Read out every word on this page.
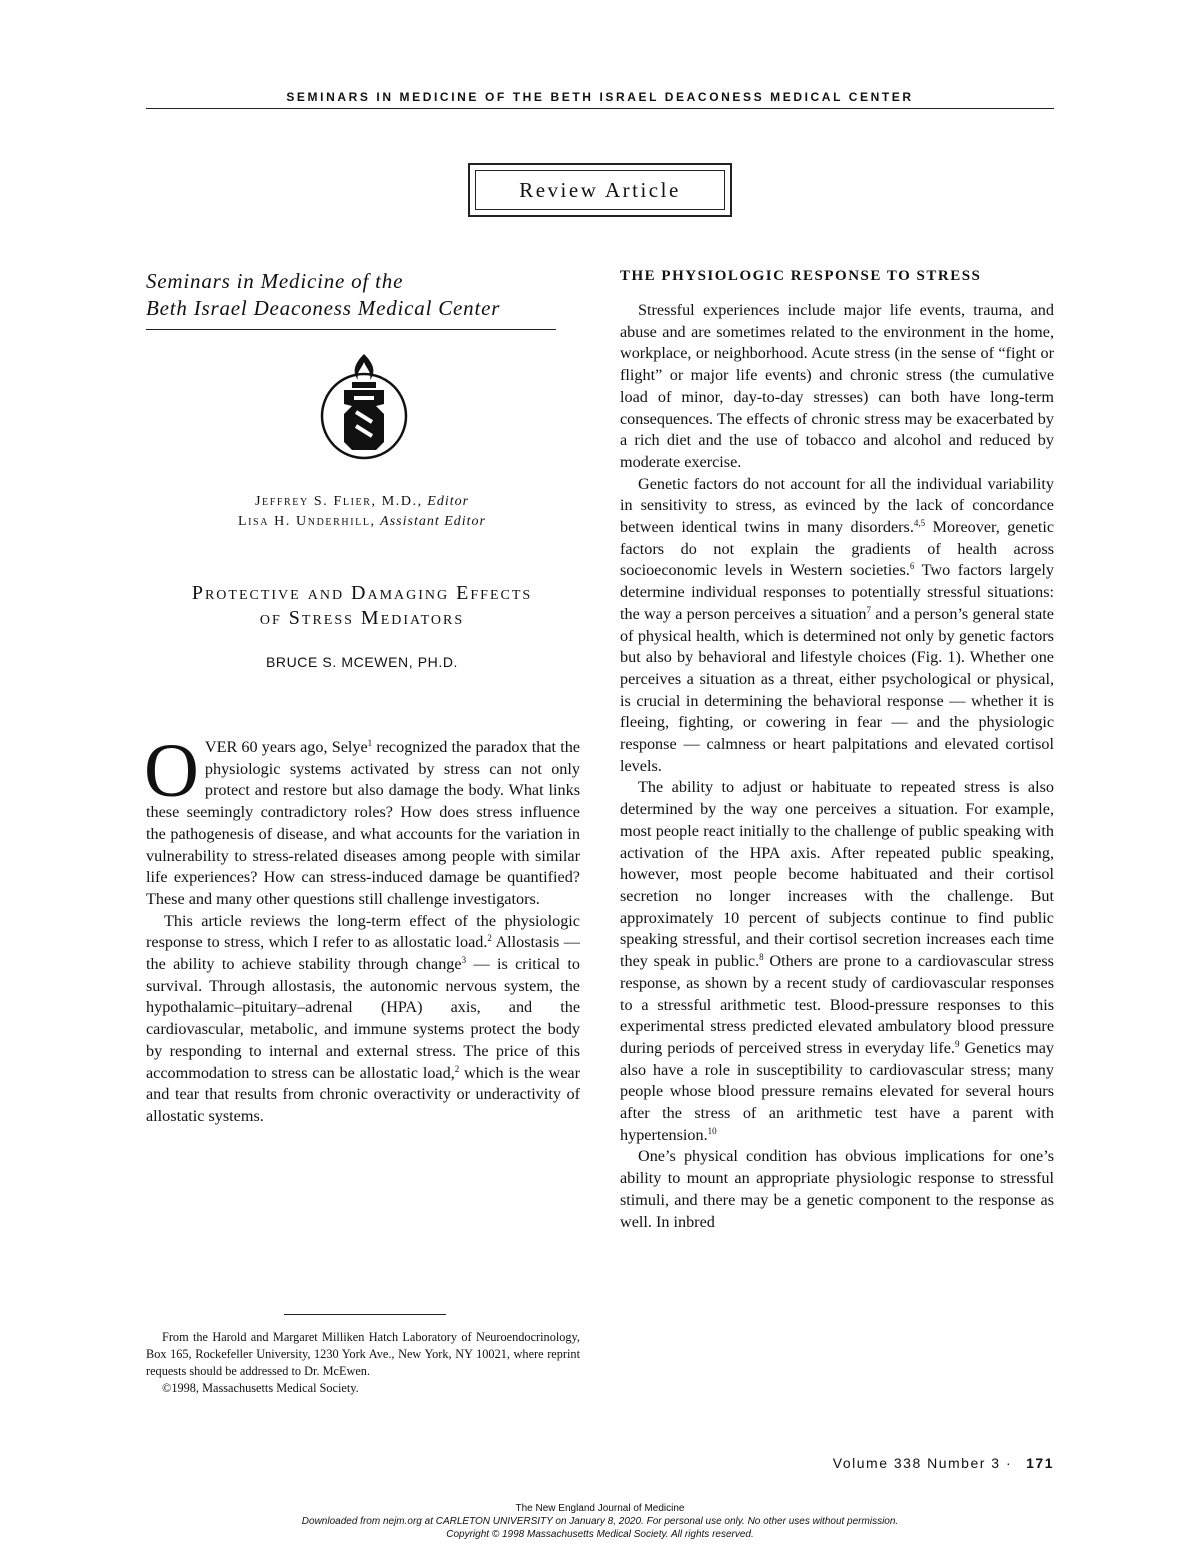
SEMINARS IN MEDICINE OF THE BETH ISRAEL DEACONESS MEDICAL CENTER
Review Article
Seminars in Medicine of the
Beth Israel Deaconess Medical Center
Jeffrey S. Flier, M.D., Editor
Lisa H. Underhill, Assistant Editor
Protective and Damaging Effects
of Stress Mediators
BRUCE S. MCEWEN, PH.D.

OVER 60 years ago, Selye$^1$ recognized the paradox that the physiologic systems activated by stress can not only protect and restore but also damage the body. What links these seemingly contradictory roles? How does stress influence the pathogenesis of disease, and what accounts for the variation in vulnerability to stress-related diseases among people with similar life experiences? How can stress-induced damage be quantified? These and many other questions still challenge investigators.

This article reviews the long-term effect of the physiologic response to stress, which I refer to as allostatic load.$^2$ Allostasis — the ability to achieve stability through change$^3$ — is critical to survival. Through allostasis, the autonomic nervous system, the hypothalamic–pituitary–adrenal (HPA) axis, and the cardiovascular, metabolic, and immune systems protect the body by responding to internal and external stress. The price of this accommodation to stress can be allostatic load,$^2$ which is the wear and tear that results from chronic overactivity or underactivity of allostatic systems.

THE PHYSIOLOGIC RESPONSE TO STRESS

Stressful experiences include major life events, trauma, and abuse and are sometimes related to the environment in the home, workplace, or neighborhood. Acute stress (in the sense of “fight or flight” or major life events) and chronic stress (the cumulative load of minor, day-to-day stresses) can both have long-term consequences. The effects of chronic stress may be exacerbated by a rich diet and the use of tobacco and alcohol and reduced by moderate exercise.

Genetic factors do not account for all the individual variability in sensitivity to stress, as evinced by the lack of concordance between identical twins in many disorders.$^{4,5}$ Moreover, genetic factors do not explain the gradients of health across socioeconomic levels in Western societies.$^6$ Two factors largely determine individual responses to potentially stressful situations: the way a person perceives a situation$^7$ and a person’s general state of physical health, which is determined not only by genetic factors but also by behavioral and lifestyle choices (Fig. 1). Whether one perceives a situation as a threat, either psychological or physical, is crucial in determining the behavioral response — whether it is fleeing, fighting, or cowering in fear — and the physiologic response — calmness or heart palpitations and elevated cortisol levels.

The ability to adjust or habituate to repeated stress is also determined by the way one perceives a situation. For example, most people react initially to the challenge of public speaking with activation of the HPA axis. After repeated public speaking, however, most people become habituated and their cortisol secretion no longer increases with the challenge. But approximately 10 percent of subjects continue to find public speaking stressful, and their cortisol secretion increases each time they speak in public.$^8$ Others are prone to a cardiovascular stress response, as shown by a recent study of cardiovascular responses to a stressful arithmetic test. Blood-pressure responses to this experimental stress predicted elevated ambulatory blood pressure during periods of perceived stress in everyday life.$^9$ Genetics may also have a role in susceptibility to cardiovascular stress; many people whose blood pressure remains elevated for several hours after the stress of an arithmetic test have a parent with hypertension.$^{10}$

One’s physical condition has obvious implications for one’s ability to mount an appropriate physiologic response to stressful stimuli, and there may be a genetic component to the response as well. In inbred

From the Harold and Margaret Milliken Hatch Laboratory of Neuroendocrinology, Box 165, Rockefeller University, 1230 York Ave., New York, NY 10021, where reprint requests should be addressed to Dr. McEwen.

©1998, Massachusetts Medical Society.

Volume 338 Number 3 · 171
The New England Journal of Medicine
Downloaded from nejm.org at CARLETON UNIVERSITY on January 8, 2020. For personal use only. No other uses without permission.
Copyright © 1998 Massachusetts Medical Society. All rights reserved.
